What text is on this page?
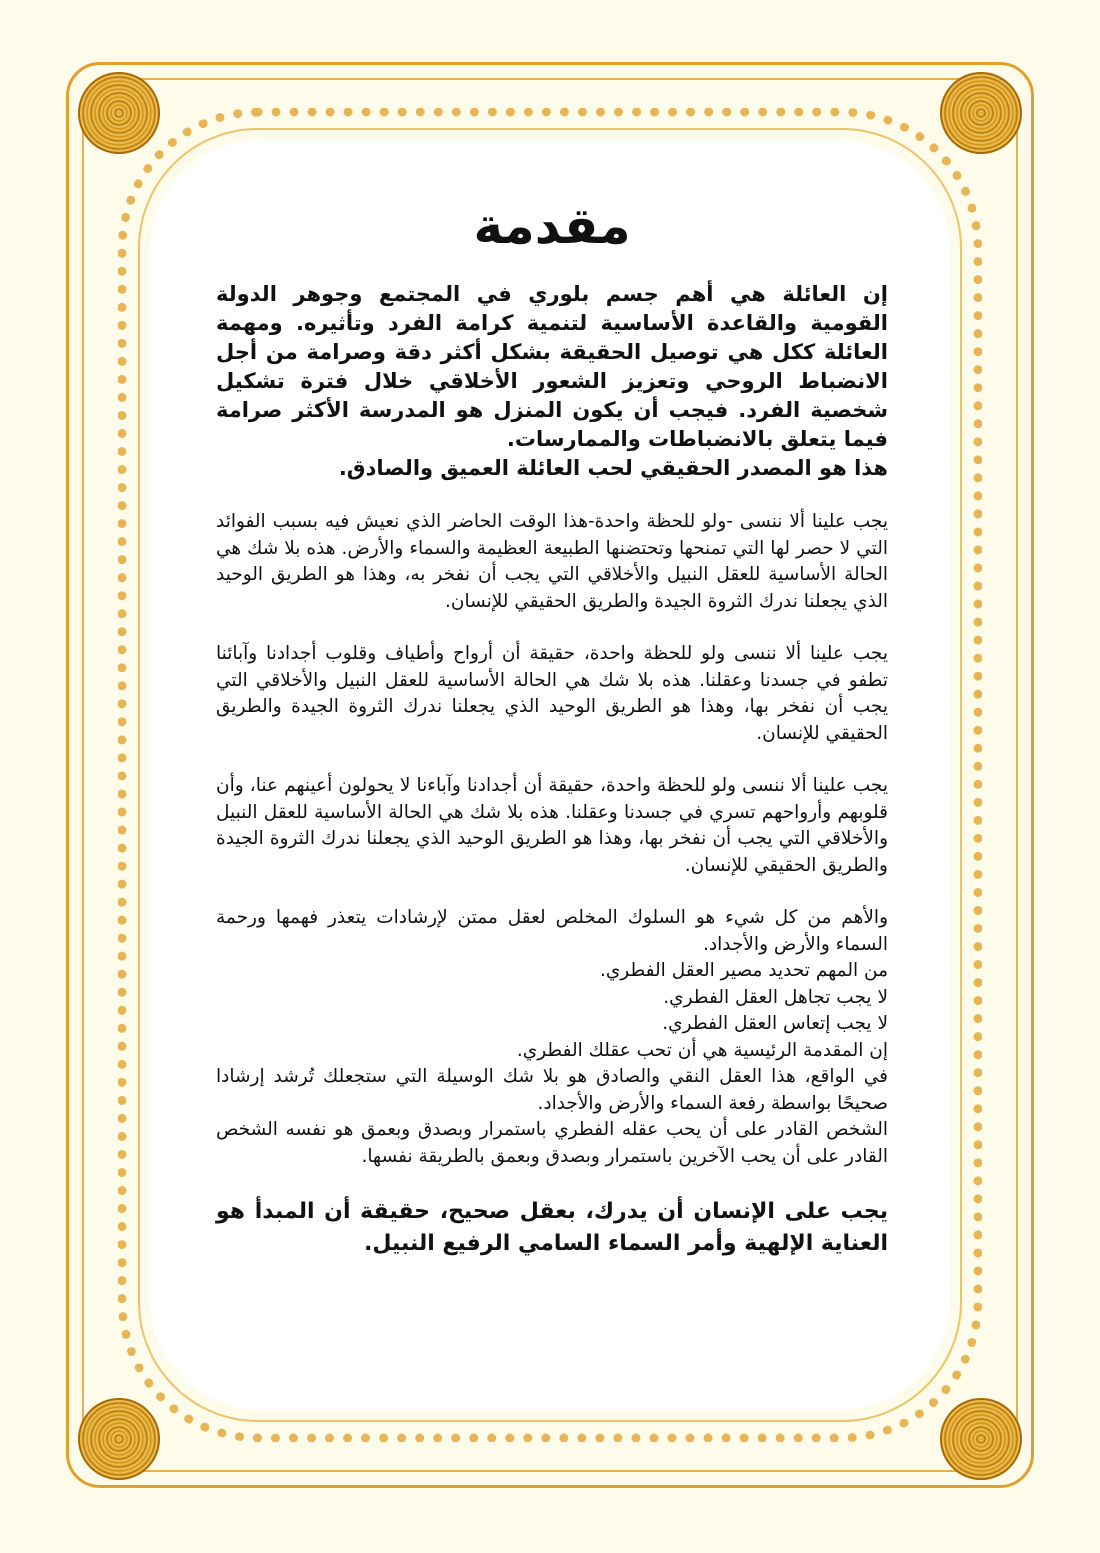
مقدمة

إن العائلة هي أهم جسم بلوري في المجتمع وجوهر الدولة القومية والقاعدة الأساسية لتنمية كرامة الفرد وتأثيره. ومهمة العائلة ككل هي توصيل الحقيقة بشكل أكثر دقة وصرامة من أجل الانضباط الروحي وتعزيز الشعور الأخلاقي خلال فترة تشكيل شخصية الفرد. فيجب أن يكون المنزل هو المدرسة الأكثر صرامة فيما يتعلق بالانضباطات والممارسات.

هذا هو المصدر الحقيقي لحب العائلة العميق والصادق.

يجب علينا ألا ننسى -ولو للحظة واحدة-هذا الوقت الحاضر الذي نعيش فيه بسبب الفوائد التي لا حصر لها التي تمنحها وتحتضنها الطبيعة العظيمة والسماء والأرض. هذه بلا شك هي الحالة الأساسية للعقل النبيل والأخلاقي التي يجب أن نفخر به، وهذا هو الطريق الوحيد الذي يجعلنا ندرك الثروة الجيدة والطريق الحقيقي للإنسان.

يجب علينا ألا ننسى ولو للحظة واحدة، حقيقة أن أرواح وأطياف وقلوب أجدادنا وآبائنا تطفو في جسدنا وعقلنا. هذه بلا شك هي الحالة الأساسية للعقل النبيل والأخلاقي التي يجب أن نفخر بها، وهذا هو الطريق الوحيد الذي يجعلنا ندرك الثروة الجيدة والطريق الحقيقي للإنسان.

يجب علينا ألا ننسى ولو للحظة واحدة، حقيقة أن أجدادنا وآباءنا لا يحولون أعينهم عنا، وأن قلوبهم وأرواحهم تسري في جسدنا وعقلنا. هذه بلا شك هي الحالة الأساسية للعقل النبيل والأخلاقي التي يجب أن نفخر بها، وهذا هو الطريق الوحيد الذي يجعلنا ندرك الثروة الجيدة والطريق الحقيقي للإنسان.

والأهم من كل شيء هو السلوك المخلص لعقل ممتن لإرشادات يتعذر فهمها ورحمة السماء والأرض والأجداد.

من المهم تحديد مصير العقل الفطري.

لا يجب تجاهل العقل الفطري.

لا يجب إتعاس العقل الفطري.

إن المقدمة الرئيسية هي أن تحب عقلك الفطري.

في الواقع، هذا العقل النقي والصادق هو بلا شك الوسيلة التي ستجعلك تُرشد إرشادا صحيحًا بواسطة رفعة السماء والأرض والأجداد.

الشخص القادر على أن يحب عقله الفطري باستمرار وبصدق وبعمق هو نفسه الشخص القادر على أن يحب الآخرين باستمرار وبصدق وبعمق بالطريقة نفسها.

يجب على الإنسان أن يدرك، بعقل صحيح، حقيقة أن المبدأ هو العناية الإلهية وأمر السماء السامي الرفيع النبيل.
